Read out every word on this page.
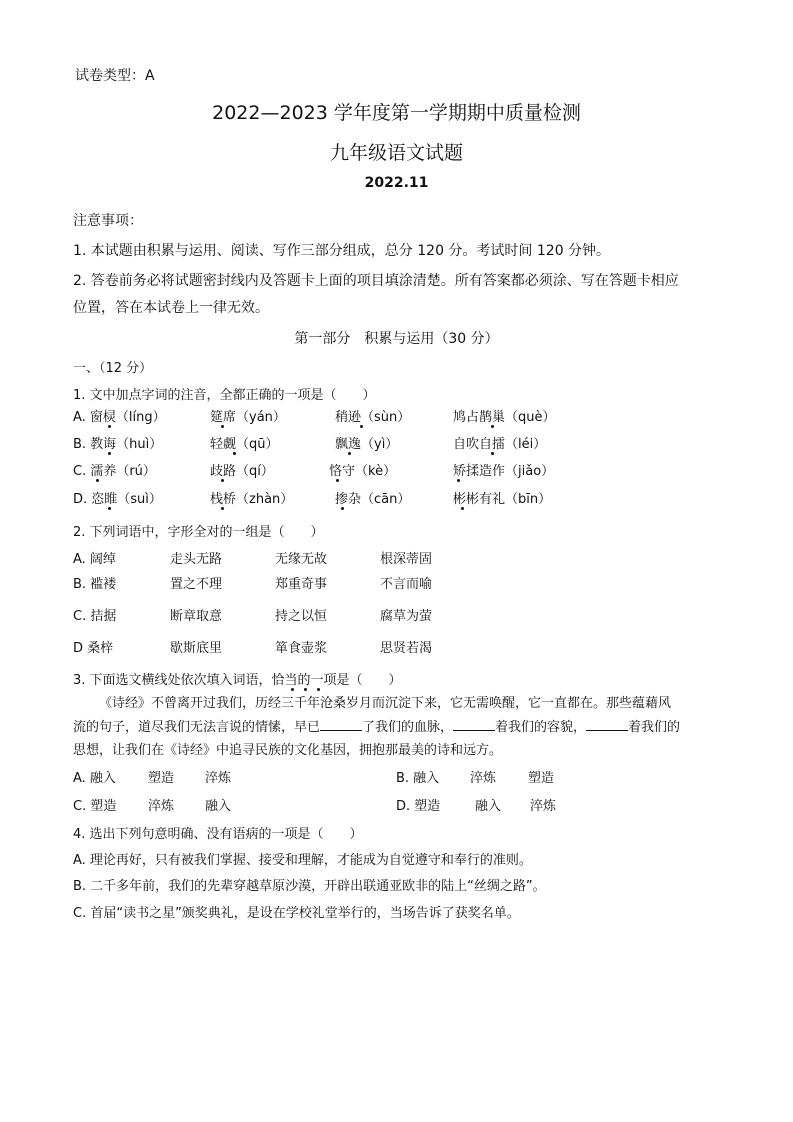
试卷类型：A
2022—2023 学年度第一学期期中质量检测
九年级语文试题
2022.11
注意事项：
1. 本试题由积累与运用、阅读、写作三部分组成，总分 120 分。考试时间 120 分钟。
2. 答卷前务必将试题密封线内及答题卡上面的项目填涂清楚。所有答案都必须涂、写在答题卡相应
位置，答在本试卷上一律无效。
第一部分　积累与运用（30 分）
一、（12 分）
1. 文中加点字词的注音，全都正确的一项是（　　）
A. 窗棂（líng）	筵席（yán）	稍逊（sùn）	鸠占鹊巢（què）
B. 教诲（huì）	轻觑（qū）	飘逸（yì）	自吹自擂（léi）
C. 濡养（rú）	歧路（qí）	恪守（kè）	矫揉造作（jiǎo）
D. 恣睢（suì）	栈桥（zhàn）	掺杂（cān）	彬彬有礼（bīn）
2. 下列词语中，字形全对的一组是（　　）
A. 阔绰	走头无路	无缘无故	根深蒂固
B. 褴褛	置之不理	郑重奇事	不言而喻
C. 拮据	断章取意	持之以恒	腐草为萤
D 桑梓	歇斯底里	箪食壶浆	思贤若渴
3. 下面选文横线处依次填入词语，恰当的一项是（　　）
《诗经》不曾离开过我们，历经三千年沧桑岁月而沉淀下来，它无需唤醒，它一直都在。那些蕴藉风
流的句子，道尽我们无法言说的情愫，早已	了我们的血脉，	着我们的容貌，	着我们的
思想，让我们在《诗经》中追寻民族的文化基因，拥抱那最美的诗和远方。
A. 融入 塑造 淬炼	B. 融入 淬炼 塑造
C. 塑造 淬炼 融入	D. 塑造	融入 淬炼
4. 选出下列句意明确、没有语病的一项是（　　）
A. 理论再好，只有被我们掌握、接受和理解，才能成为自觉遵守和奉行的准则。
B. 二千多年前，我们的先辈穿越草原沙漠，开辟出联通亚欧非的陆上“丝绸之路”。
C. 首届“读书之星”颁奖典礼，是设在学校礼堂举行的，当场告诉了获奖名单。
